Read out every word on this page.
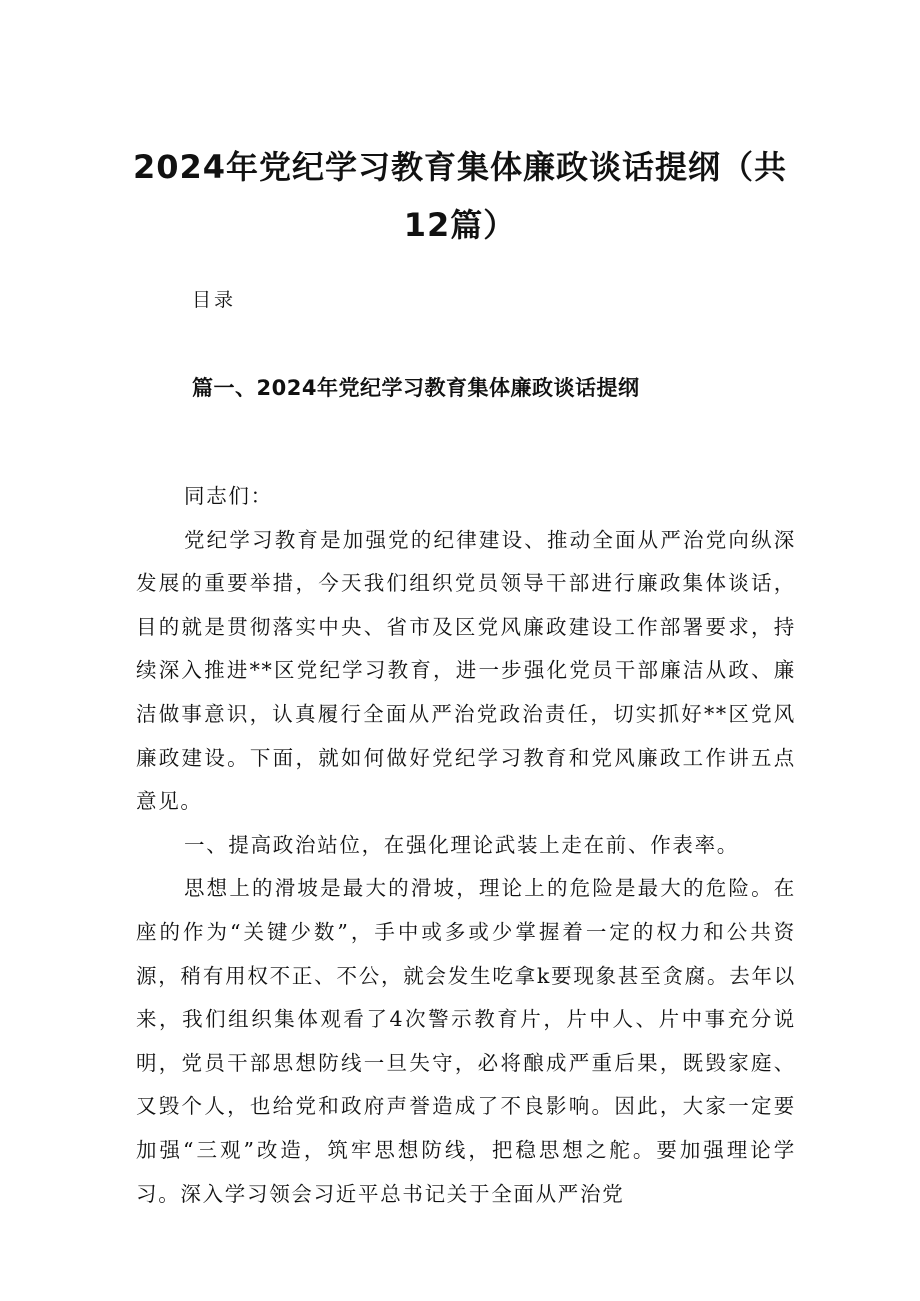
2024年党纪学习教育集体廉政谈话提纲（共
12篇）
目录
篇一、2024年党纪学习教育集体廉政谈话提纲

同志们：

党纪学习教育是加强党的纪律建设、推动全面从严治党向纵深发展的重要举措，今天我们组织党员领导干部进行廉政集体谈话，目的就是贯彻落实中央、省市及区党风廉政建设工作部署要求，持续深入推进**区党纪学习教育，进一步强化党员干部廉洁从政、廉洁做事意识，认真履行全面从严治党政治责任，切实抓好**区党风廉政建设。下面，就如何做好党纪学习教育和党风廉政工作讲五点意见。

一、提高政治站位，在强化理论武装上走在前、作表率。

思想上的滑坡是最大的滑坡，理论上的危险是最大的危险。在座的作为“关键少数”，手中或多或少掌握着一定的权力和公共资源，稍有用权不正、不公，就会发生吃拿k要现象甚至贪腐。去年以来，我们组织集体观看了4次警示教育片，片中人、片中事充分说明，党员干部思想防线一旦失守，必将酿成严重后果，既毁家庭、又毁个人，也给党和政府声誉造成了不良影响。因此，大家一定要加强“三观”改造，筑牢思想防线，把稳思想之舵。要加强理论学习。深入学习领会习近平总书记关于全面从严治党
